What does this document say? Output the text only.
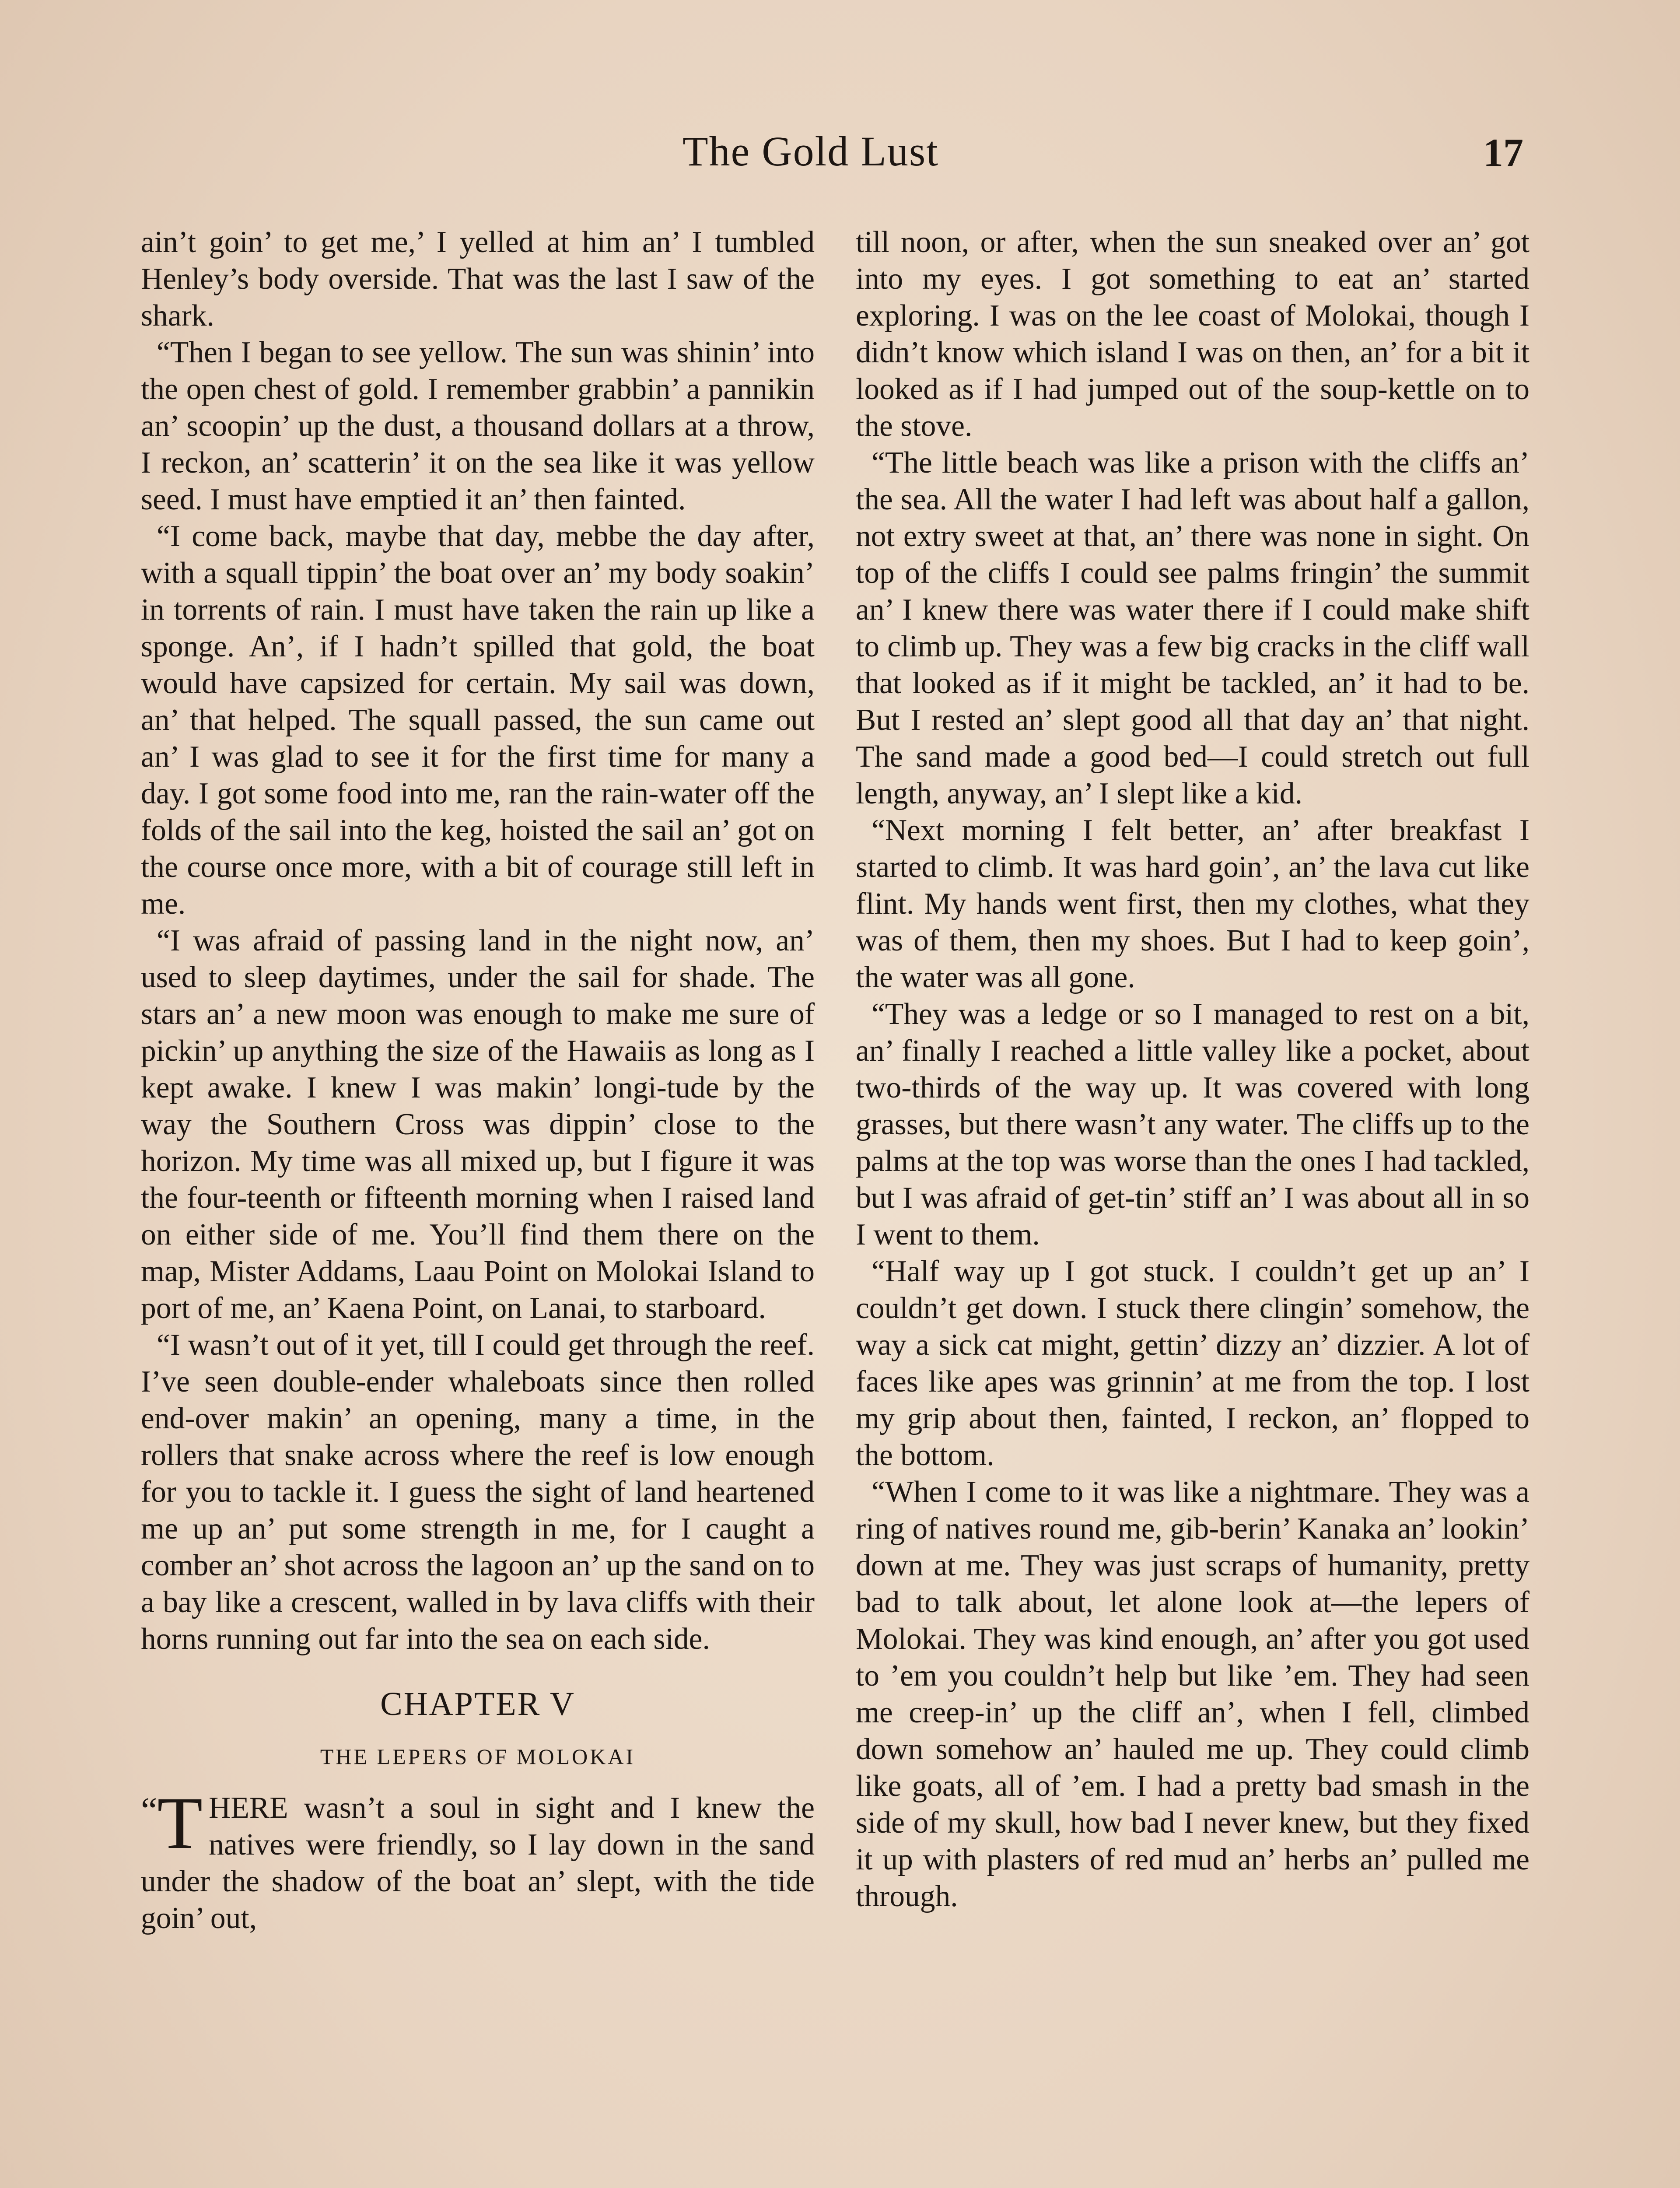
The Gold Lust	17

ain’t goin’ to get me,’ I yelled at him an’ I tumbled Henley’s body overside. That was the last I saw of the shark.

“Then I began to see yellow. The sun was shinin’ into the open chest of gold. I remember grabbin’ a pannikin an’ scoopin’ up the dust, a thousand dollars at a throw, I reckon, an’ scatterin’ it on the sea like it was yellow seed. I must have emptied it an’ then fainted.

“I come back, maybe that day, mebbe the day after, with a squall tippin’ the boat over an’ my body soakin’ in torrents of rain. I must have taken the rain up like a sponge. An’, if I hadn’t spilled that gold, the boat would have capsized for certain. My sail was down, an’ that helped. The squall passed, the sun came out an’ I was glad to see it for the first time for many a day. I got some food into me, ran the rain-water off the folds of the sail into the keg, hoisted the sail an’ got on the course once more, with a bit of courage still left in me.

“I was afraid of passing land in the night now, an’ used to sleep daytimes, under the sail for shade. The stars an’ a new moon was enough to make me sure of pickin’ up anything the size of the Hawaiis as long as I kept awake. I knew I was makin’ longi-tude by the way the Southern Cross was dippin’ close to the horizon. My time was all mixed up, but I figure it was the four-teenth or fifteenth morning when I raised land on either side of me. You’ll find them there on the map, Mister Addams, Laau Point on Molokai Island to port of me, an’ Kaena Point, on Lanai, to starboard.

“I wasn’t out of it yet, till I could get through the reef. I’ve seen double-ender whaleboats since then rolled end-over makin’ an opening, many a time, in the rollers that snake across where the reef is low enough for you to tackle it. I guess the sight of land heartened me up an’ put some strength in me, for I caught a comber an’ shot across the lagoon an’ up the sand on to a bay like a crescent, walled in by lava cliffs with their horns running out far into the sea on each side.

CHAPTER V
THE LEPERS OF MOLOKAI

“T HERE wasn’t a soul in sight and I knew the natives were friendly, so I lay down in the sand under the shadow of the boat an’ slept, with the tide goin’ out,

till noon, or after, when the sun sneaked over an’ got into my eyes. I got something to eat an’ started exploring. I was on the lee coast of Molokai, though I didn’t know which island I was on then, an’ for a bit it looked as if I had jumped out of the soup-kettle on to the stove.

“The little beach was like a prison with the cliffs an’ the sea. All the water I had left was about half a gallon, not extry sweet at that, an’ there was none in sight. On top of the cliffs I could see palms fringin’ the summit an’ I knew there was water there if I could make shift to climb up. They was a few big cracks in the cliff wall that looked as if it might be tackled, an’ it had to be. But I rested an’ slept good all that day an’ that night. The sand made a good bed—I could stretch out full length, anyway, an’ I slept like a kid.

“Next morning I felt better, an’ after breakfast I started to climb. It was hard goin’, an’ the lava cut like flint. My hands went first, then my clothes, what they was of them, then my shoes. But I had to keep goin’, the water was all gone.

“They was a ledge or so I managed to rest on a bit, an’ finally I reached a little valley like a pocket, about two-thirds of the way up. It was covered with long grasses, but there wasn’t any water. The cliffs up to the palms at the top was worse than the ones I had tackled, but I was afraid of get-tin’ stiff an’ I was about all in so I went to them.

“Half way up I got stuck. I couldn’t get up an’ I couldn’t get down. I stuck there clingin’ somehow, the way a sick cat might, gettin’ dizzy an’ dizzier. A lot of faces like apes was grinnin’ at me from the top. I lost my grip about then, fainted, I reckon, an’ flopped to the bottom.

“When I come to it was like a nightmare. They was a ring of natives round me, gib-berin’ Kanaka an’ lookin’ down at me. They was just scraps of humanity, pretty bad to talk about, let alone look at—the lepers of Molokai. They was kind enough, an’ after you got used to ’em you couldn’t help but like ’em. They had seen me creep-in’ up the cliff an’, when I fell, climbed down somehow an’ hauled me up. They could climb like goats, all of ’em. I had a pretty bad smash in the side of my skull, how bad I never knew, but they fixed it up with plasters of red mud an’ herbs an’ pulled me through.
